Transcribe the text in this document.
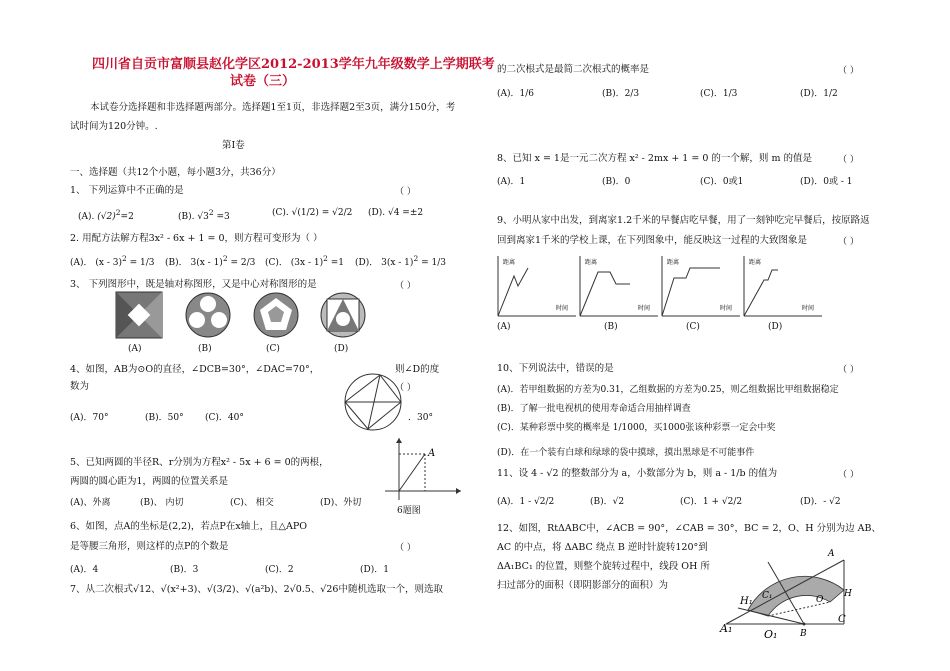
四川省自贡市富顺县赵化学区2012-2013学年九年级数学上学期联考
试卷（三）
本试卷分选择题和非选择题两部分。选择题1至1页，非选择题2至3页，满分150分，考
试时间为120分钟。.
第Ⅰ卷
一、选择题（共12个小题，每小题3分，共36分）
1、 下列运算中不正确的是	（ ）
(A). $(√2)^2=2$	(B). $√3^2 =3$	(C). √(1/2) = √2/2 (D). √4 =±2
2. 用配方法解方程3x² - 6x + 1 = 0，则方程可变形为（ ）
(A)． (x - 3)$^2$ = 1/3 (B)． 3(x - 1)$^2$ = 2/3 (C)． (3x - 1)$^2$ =1 (D)． 3(x - 1)$^2$ = 1/3
3、 下列图形中，既是轴对称图形，又是中心对称图形的是	（ ）
(A)	(B)	(C)	(D)
4、如图，AB为⊙O的直径，∠DCB=30°，∠DAC=70°，	则∠D的度
数为	（ ）
(A)．70°	(B)．50° (C)．40°	．30°
5、已知两圆的半径R、r分别为方程x² - 5x + 6 = 0的两根，
两圆的圆心距为1，两圆的位置关系是
(A)、外离	(B)、 内切	(C)、 相交	(D)、外切
A
6题图
6、如图，点A的坐标是(2,2)，若点P在x轴上，且△APO
是等腰三角形，则这样的点P的个数是	（ ）
(A)．4	(B)．3	(C)．2	(D)．1
7、从二次根式√12、√(x²+3)、√(3/2)、√(a²b)、2√0.5、√26中随机选取一个，则选取
的二次根式是最简二次根式的概率是	（ ）
(A)．1/6	(B)．2/3	(C)．1/3	(D)．1/2
8、已知 x = 1是一元二次方程 x² - 2mx + 1 = 0 的一个解，则 m 的值是	（ ）
(A)．1	(B)．0	(C)．0或1	(D)．0或 - 1
9、小明从家中出发，到离家1.2千米的早餐店吃早餐，用了一刻钟吃完早餐后，按原路返
回到离家1千米的学校上课，在下列图象中，能反映这一过程的大致图象是	（ ）
距离
时间
距离
时间
距离
时间
距离
时间
(A)	(B)	(C)	(D)
10、下列说法中，错误的是	（ ）
(A)．若甲组数据的方差为0.31，乙组数据的方差为0.25，则乙组数据比甲组数据稳定
(B)．了解一批电视机的使用寿命适合用抽样调查
(C)．某种彩票中奖的概率是 1/1000，买1000张该种彩票一定会中奖
(D)．在一个装有白球和绿球的袋中摸球，摸出黑球是不可能事件
11、设 4 - √2 的整数部分为 a，小数部分为 b，则 a - 1/b 的值为	（ ）
(A)．1 - √2/2	(B)．√2	(C)．1 + √2/2	(D)．- √2
12、如图，RtΔABC中，∠ACB = 90°，∠CAB = 30°，BC = 2，O、H 分别为边 AB、
AC 的中点，将 ΔABC 绕点 B 逆时针旋转120°到
ΔA₁BC₁ 的位置，则整个旋转过程中，线段 OH 所
扫过部分的面积（即阴影部分的面积）为
A₁	O₁	B
C
H
O
H₁ C₁
A
